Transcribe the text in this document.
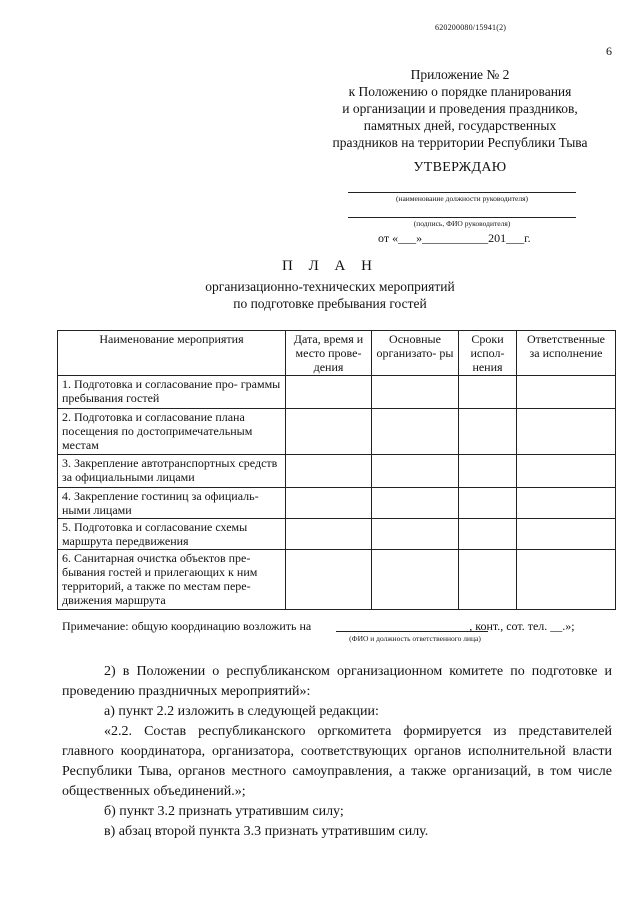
620200080/15941(2)
6
Приложение № 2
к Положению о порядке планирования
и организации и проведения праздников,
памятных дней, государственных
праздников на территории Республики Тыва
УТВЕРЖДАЮ
(наименование должности руководителя)
(подпись, ФИО руководителя)
от «___»___________201___г.
П Л А Н
организационно-технических мероприятий
по подготовке пребывания гостей
Наименование мероприятия	Дата, время и место прове- дения	Основные организато- ры	Сроки испол- нения	Ответственные за исполнение
1. Подготовка и согласование про- граммы пребывания гостей				
2. Подготовка и согласование плана посещения по достопримечательным местам				
3. Закрепление автотранспортных средств за официальными лицами				
4. Закрепление гостиниц за официаль- ными лицами				
5. Подготовка и согласование схемы маршрута передвижения				
6. Санитарная очистка объектов пре- бывания гостей и прилегающих к ним территорий, а также по местам пере- движения маршрута				
Примечание: общую координацию возложить на	, конт., сот. тел. __.»;
(ФИО и должность ответственного лица)

2) в Положении о республиканском организационном комитете по подготовке и проведению праздничных мероприятий»:

а) пункт 2.2 изложить в следующей редакции:

«2.2. Состав республиканского оргкомитета формируется из представителей главного координатора, организатора, соответствующих органов исполнительной власти Республики Тыва, органов местного самоуправления, а также организаций, в том числе общественных объединений.»;

б) пункт 3.2 признать утратившим силу;

в) абзац второй пункта 3.3 признать утратившим силу.
